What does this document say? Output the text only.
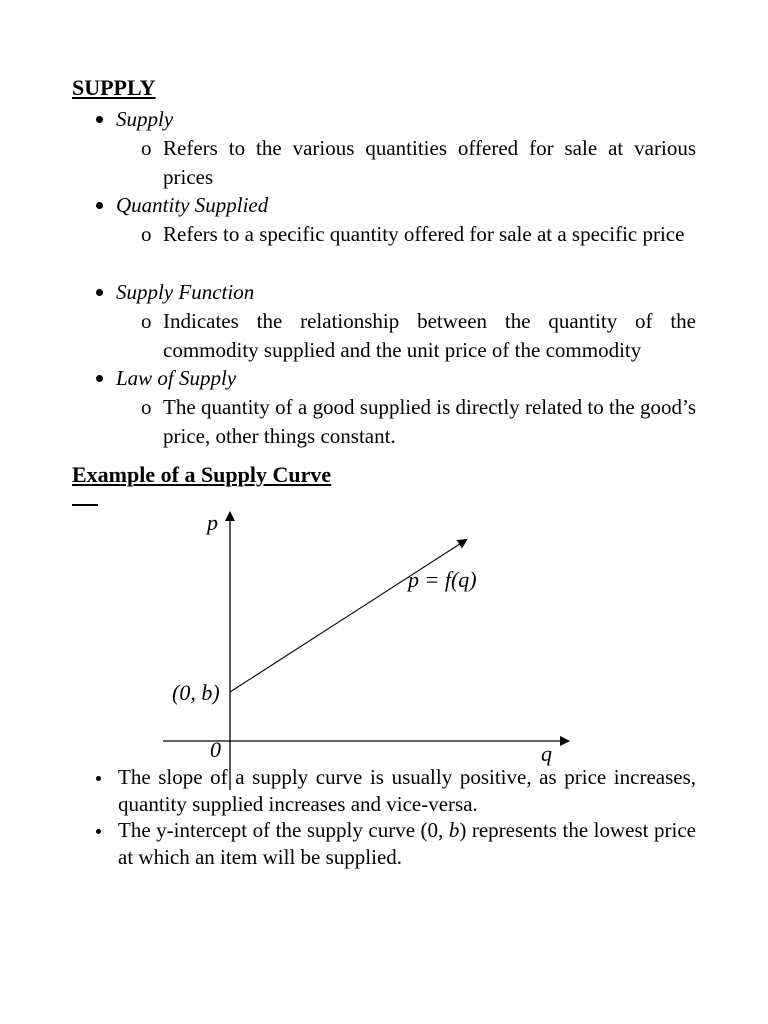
SUPPLY
Supply
o Refers to the various quantities offered for sale at various prices
Quantity Supplied
o Refers to a specific quantity offered for sale at a specific price
Supply Function
o Indicates the relationship between the quantity of the commodity supplied and the unit price of the commodity
Law of Supply
o The quantity of a good supplied is directly related to the good’s price, other things constant.
Example of a Supply Curve
p
q
0
(0, b)
p = f(q)
The slope of a supply curve is usually positive, as price increases, quantity supplied increases and vice-versa.
The y-intercept of the supply curve (0, b) represents the lowest price at which an item will be supplied.
